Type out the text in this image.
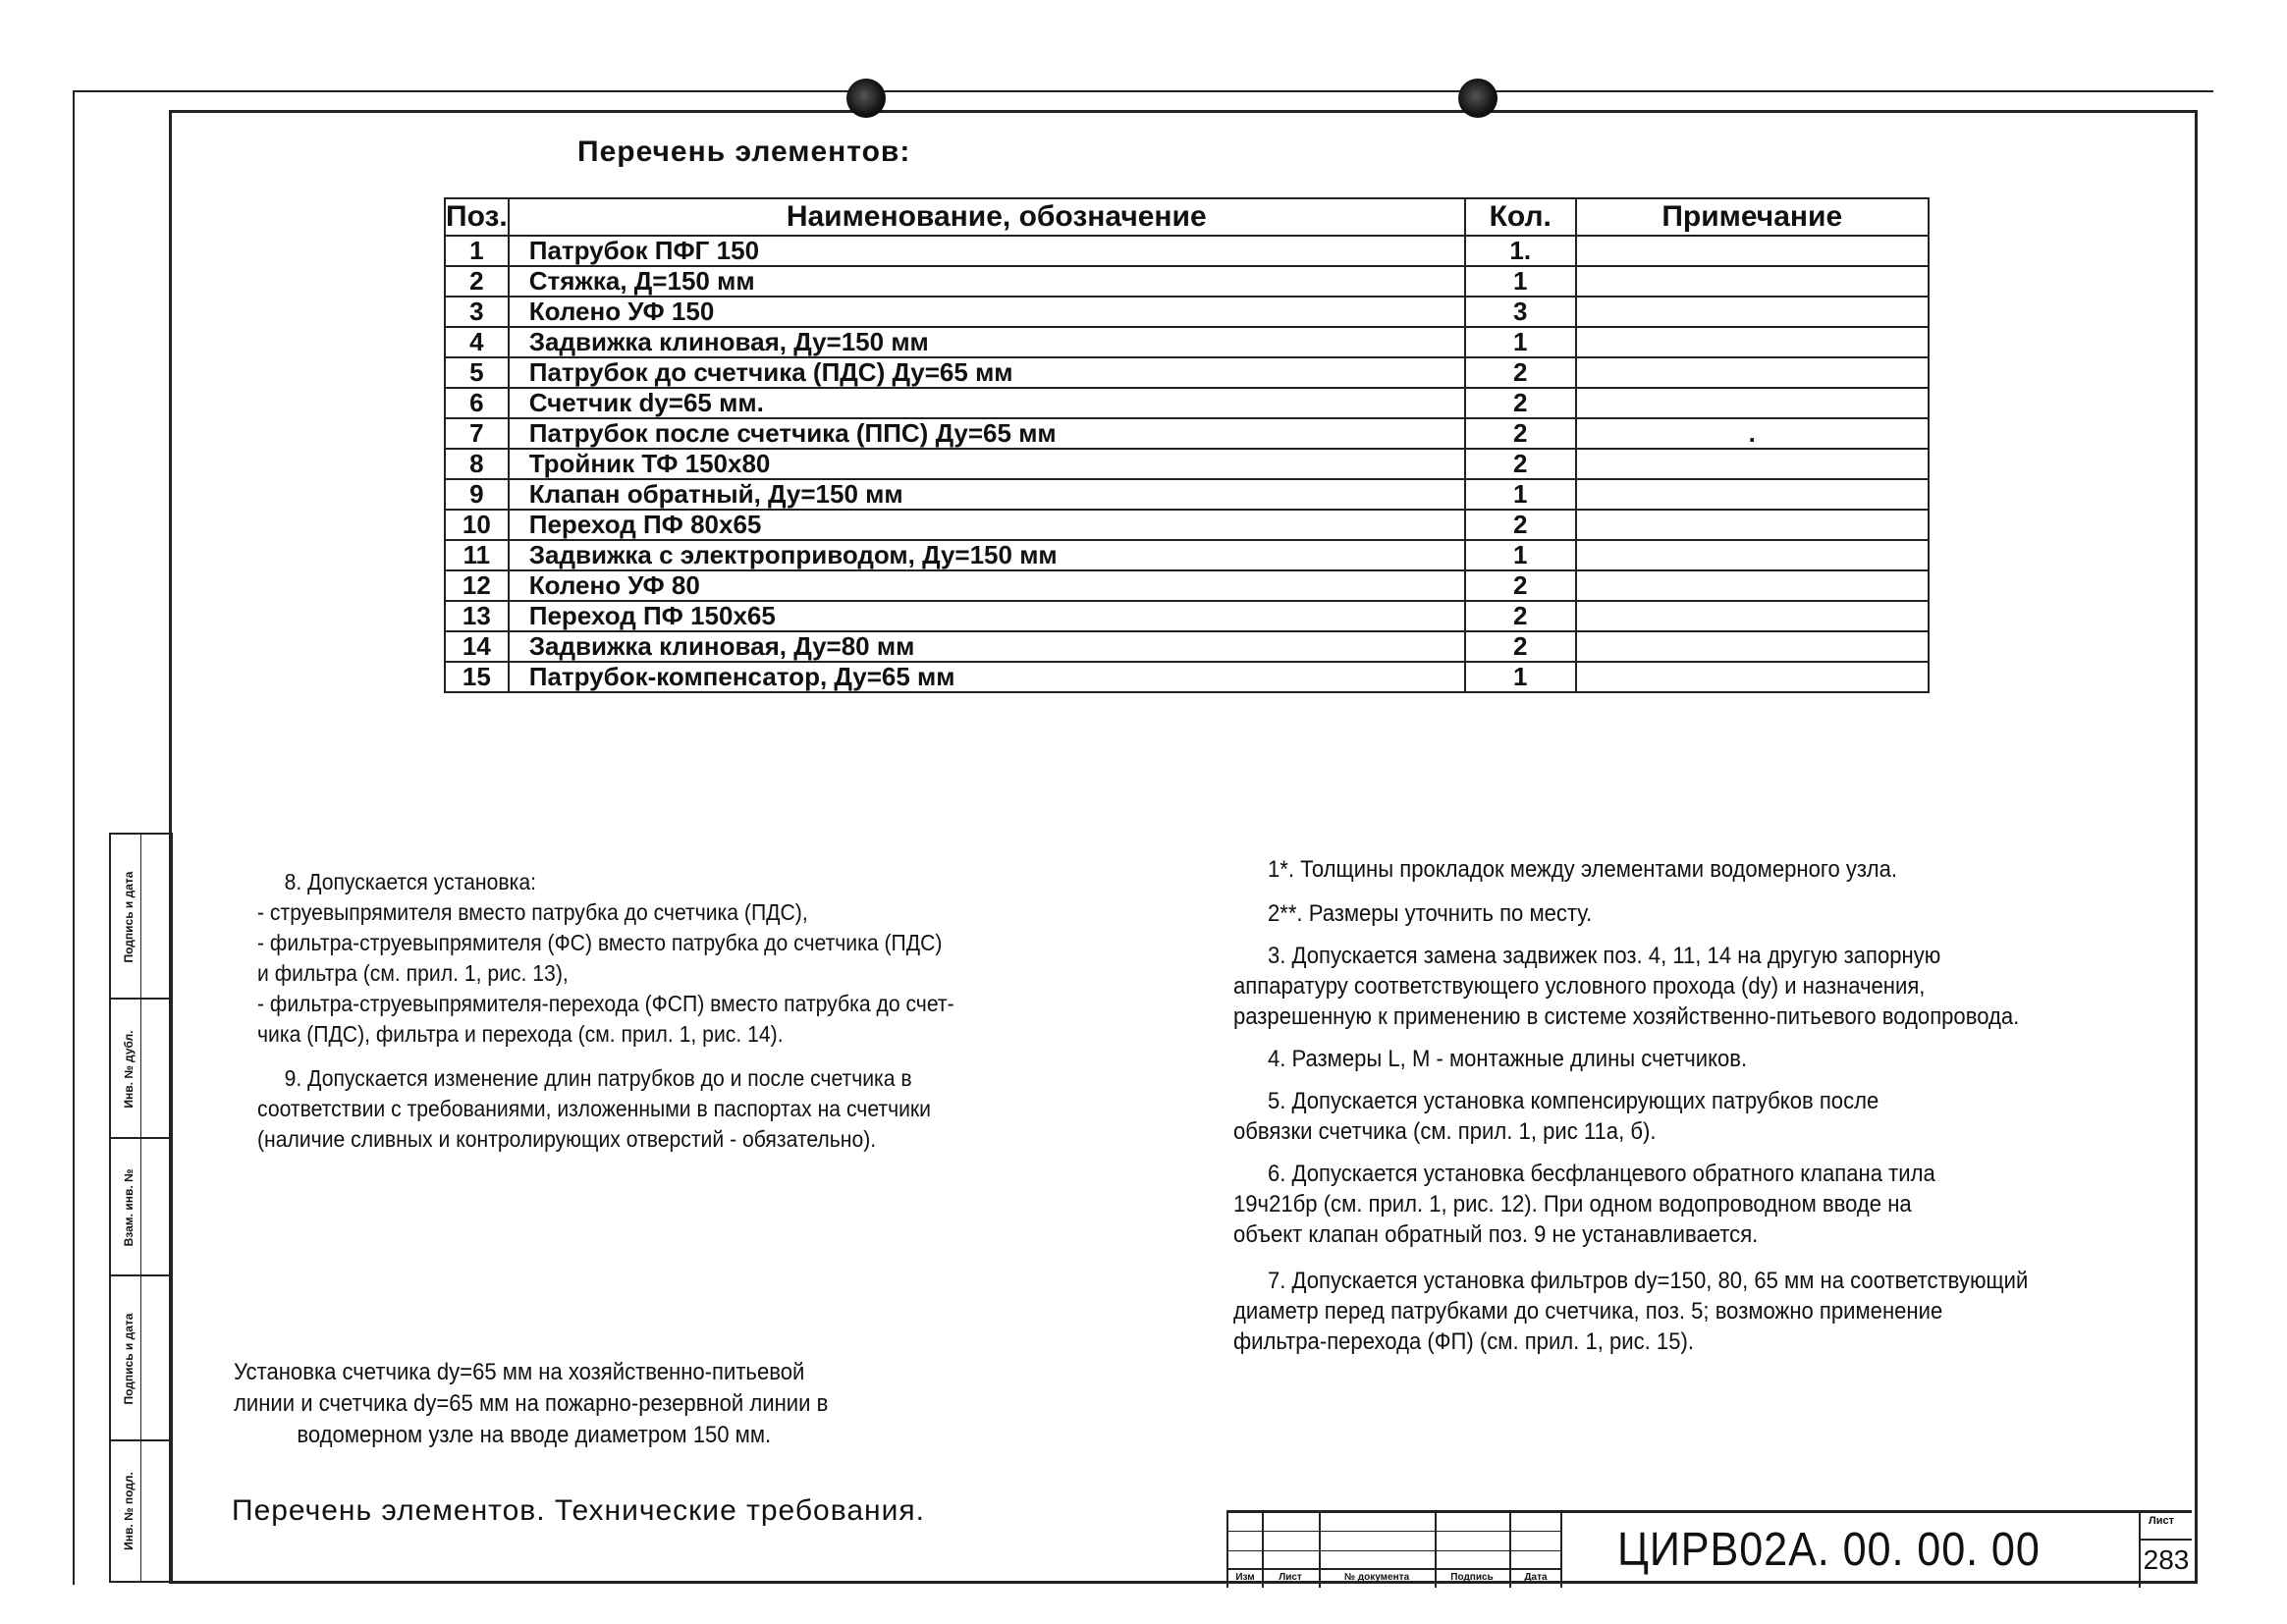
Перечень элементов:
Поз.	Наименование, обозначение	Кол.	Примечание
1	Патрубок ПФГ 150	1.	
2	Стяжка, Д=150 мм	1	
3	Колено УФ 150	3	
4	Задвижка клиновая, Ду=150 мм	1	
5	Патрубок до счетчика (ПДС) Ду=65 мм	2	
6	Счетчик dy=65 мм.	2	
7	Патрубок после счетчика (ППС) Ду=65 мм	2	.
8	Тройник ТФ 150х80	2	
9	Клапан обратный, Ду=150 мм	1	
10	Переход ПФ 80х65	2	
11	Задвижка с электроприводом, Ду=150 мм	1	
12	Колено УФ 80	2	
13	Переход ПФ 150х65	2	
14	Задвижка клиновая, Ду=80 мм	2	
15	Патрубок-компенсатор, Ду=65 мм	1	

8. Допускается установка:

- струевыпрямителя вместо патрубка до счетчика (ПДС),

- фильтра-струевыпрямителя (ФС) вместо патрубка до счетчика (ПДС)

и фильтра (см. прил. 1, рис. 13),

- фильтра-струевыпрямителя-перехода (ФСП) вместо патрубка до счет-

чика (ПДС), фильтра и перехода (см. прил. 1, рис. 14).

9. Допускается изменение длин патрубков до и после счетчика в

соответствии с требованиями, изложенными в паспортах на счетчики

(наличие сливных и контролирующих отверстий - обязательно).

1*. Толщины прокладок между элементами водомерного узла.

2**. Размеры уточнить по месту.

3. Допускается замена задвижек поз. 4, 11, 14 на другую запорную

аппаратуру соответствующего условного прохода (dy) и назначения,

разрешенную к применению в системе хозяйственно-питьевого водопровода.

4. Размеры L, M - монтажные длины счетчиков.

5. Допускается установка компенсирующих патрубков после

обвязки счетчика (см. прил. 1, рис 11а, б).

6. Допускается установка бесфланцевого обратного клапана тила

19ч21бр (см. прил. 1, рис. 12). При одном водопроводном вводе на

объект клапан обратный поз. 9 не устанавливается.

7. Допускается установка фильтров dy=150, 80, 65 мм на соответствующий

диаметр перед патрубками до счетчика, поз. 5; возможно применение

фильтра-перехода (ФП) (см. прил. 1, рис. 15).

Установка счетчика dy=65 мм на хозяйственно-питьевой

линии и счетчика dy=65 мм на пожарно-резервной линии в

водомерном узле на вводе диаметром 150 мм.

Перечень элементов. Технические требования.
Подпись и дата
Инв. № дубл.
Взам. инв. №
Подпись и дата
Инв. № подл.
Изм	Лист	№ документа	Подпись	Дата
ЦИРВ02А. 00. 00. 00
Лист
283
